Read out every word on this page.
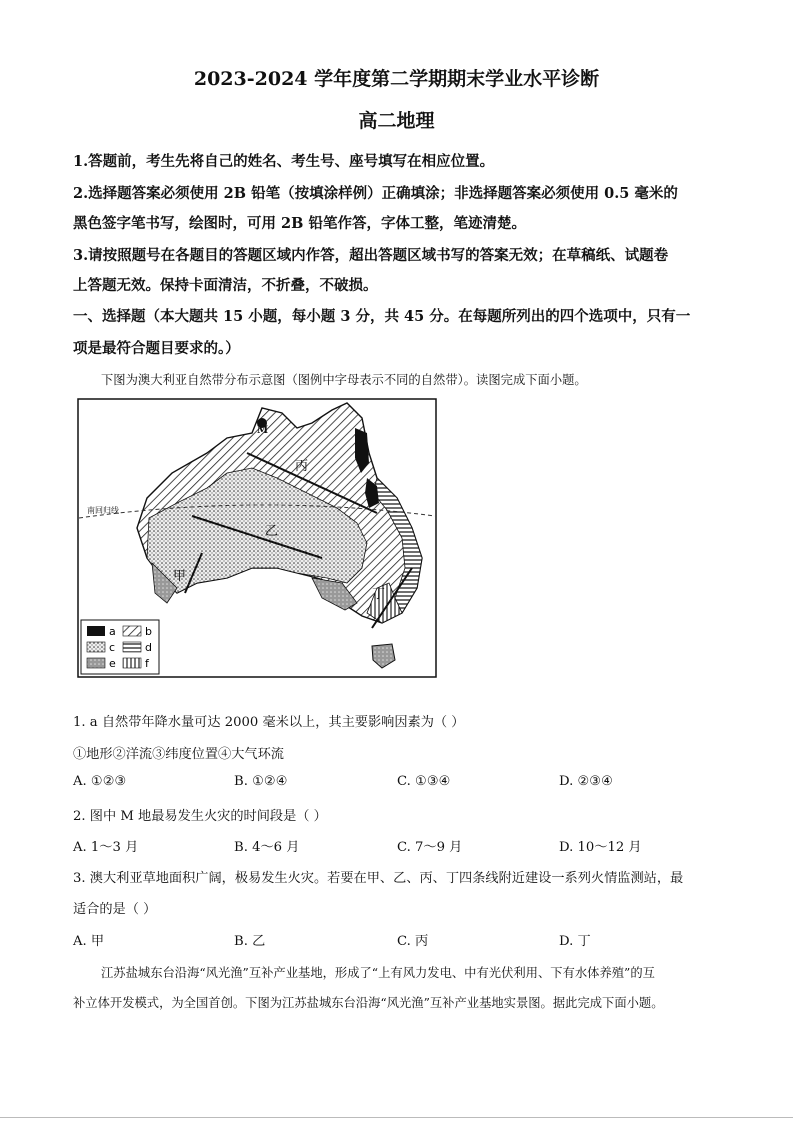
2023-2024 学年度第二学期期末学业水平诊断
高二地理
1.答题前，考生先将自己的姓名、考生号、座号填写在相应位置。
2.选择题答案必须使用 2B 铅笔（按填涂样例）正确填涂；非选择题答案必须使用 0.5 毫米的
黑色签字笔书写，绘图时，可用 2B 铅笔作答，字体工整，笔迹清楚。
3.请按照题号在各题目的答题区域内作答，超出答题区域书写的答案无效；在草稿纸、试题卷
上答题无效。保持卡面清洁，不折叠，不破损。
一、选择题（本大题共 15 小题，每小题 3 分，共 45 分。在每题所列出的四个选项中，只有一
项是最符合题目要求的。）
下图为澳大利亚自然带分布示意图（图例中字母表示不同的自然带）。读图完成下面小题。
南回归线
甲
乙
丙
丁
M
a	b
c	d
e	f
1. a 自然带年降水量可达 2000 毫米以上，其主要影响因素为（ ）
①地形②洋流③纬度位置④大气环流
A. ①②③	B. ①②④	C. ①③④	D. ②③④
2. 图中 M 地最易发生火灾的时间段是（ ）
A. 1～3 月	B. 4～6 月	C. 7～9 月	D. 10～12 月
3. 澳大利亚草地面积广阔，极易发生火灾。若要在甲、乙、丙、丁四条线附近建设一系列火情监测站，最
适合的是（ ）
A. 甲	B. 乙	C. 丙	D. 丁
江苏盐城东台沿海“风光渔”互补产业基地，形成了“上有风力发电、中有光伏利用、下有水体养殖”的互
补立体开发模式，为全国首创。下图为江苏盐城东台沿海“风光渔”互补产业基地实景图。据此完成下面小题。
